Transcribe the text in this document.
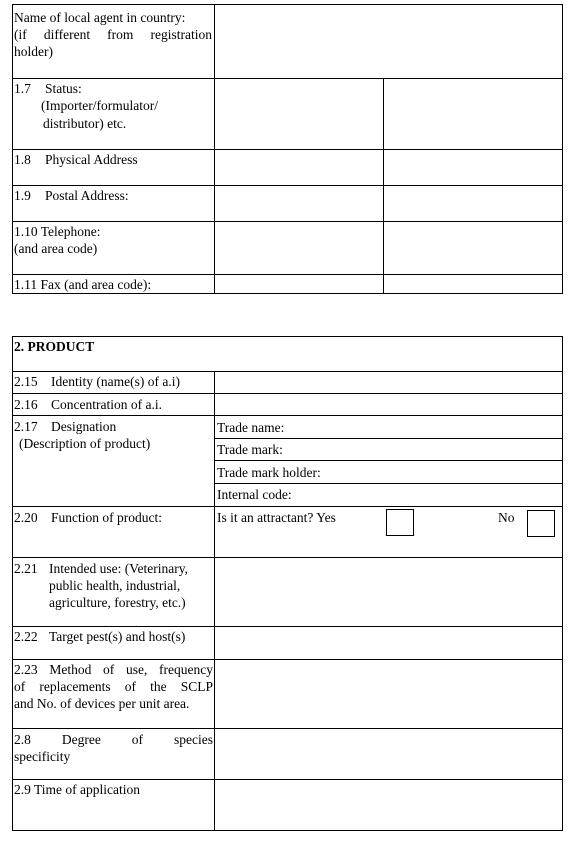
Name of local agent in country:
(if different from registration
holder)
1.7 Status:
(Importer/formulator/
distributor) etc.
1.8 Physical Address
1.9 Postal Address:
1.10 Telephone:
(and area code)
1.11 Fax (and area code):
2. PRODUCT
2.15 Identity (name(s) of a.i)
2.16 Concentration of a.i.
2.17 Designation
(Description of product)
Trade name:
Trade mark:
Trade mark holder:
Internal code:
2.20 Function of product:	Is it an attractant? Yes	No
2.21 Intended use: (Veterinary,
public health, industrial,
agriculture, forestry, etc.)
2.22 Target pest(s) and host(s)
2.23 Method of use, frequency
of replacements of the SCLP
and No. of devices per unit area.
2.8 Degree of species
specificity
2.9 Time of application
